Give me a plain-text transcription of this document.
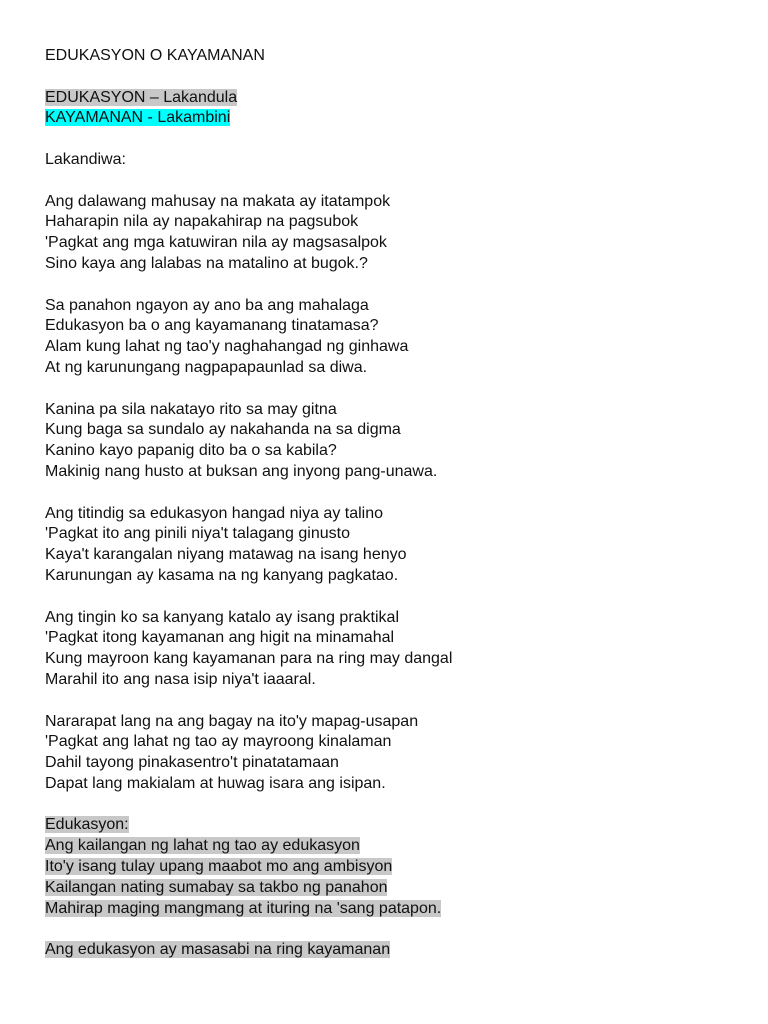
EDUKASYON O KAYAMANAN
EDUKASYON – Lakandula
KAYAMANAN - Lakambini
Lakandiwa:
Ang dalawang mahusay na makata ay itatampok
Haharapin nila ay napakahirap na pagsubok
'Pagkat ang mga katuwiran nila ay magsasalpok
Sino kaya ang lalabas na matalino at bugok.?
Sa panahon ngayon ay ano ba ang mahalaga
Edukasyon ba o ang kayamanang tinatamasa?
Alam kung lahat ng tao'y naghahangad ng ginhawa
At ng karunungang nagpapapaunlad sa diwa.
Kanina pa sila nakatayo rito sa may gitna
Kung baga sa sundalo ay nakahanda na sa digma
Kanino kayo papanig dito ba o sa kabila?
Makinig nang husto at buksan ang inyong pang-unawa.
Ang titindig sa edukasyon hangad niya ay talino
'Pagkat ito ang pinili niya't talagang ginusto
Kaya't karangalan niyang matawag na isang henyo
Karunungan ay kasama na ng kanyang pagkatao.
Ang tingin ko sa kanyang katalo ay isang praktikal
'Pagkat itong kayamanan ang higit na minamahal
Kung mayroon kang kayamanan para na ring may dangal
Marahil ito ang nasa isip niya't iaaaral.
Nararapat lang na ang bagay na ito'y mapag-usapan
'Pagkat ang lahat ng tao ay mayroong kinalaman
Dahil tayong pinakasentro't pinatatamaan
Dapat lang makialam at huwag isara ang isipan.
Edukasyon:
Ang kailangan ng lahat ng tao ay edukasyon
Ito'y isang tulay upang maabot mo ang ambisyon
Kailangan nating sumabay sa takbo ng panahon
Mahirap maging mangmang at ituring na 'sang patapon.
Ang edukasyon ay masasabi na ring kayamanan
